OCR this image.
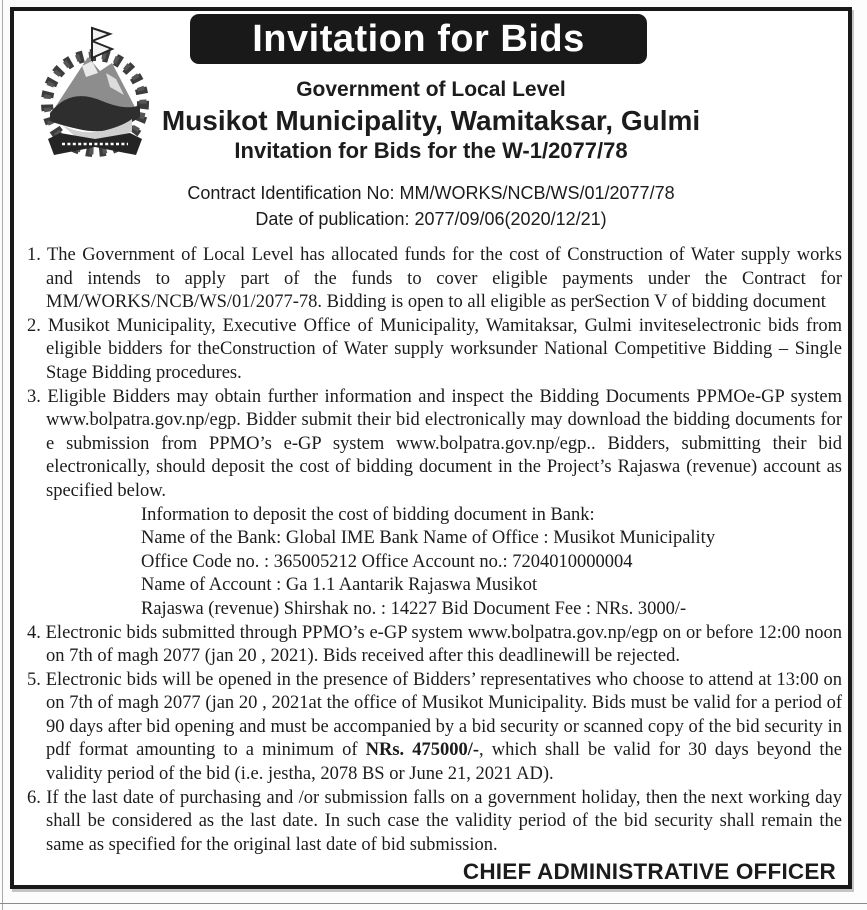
Invitation for Bids
Government of Local Level
Musikot Municipality, Wamitaksar, Gulmi
Invitation for Bids for the W-1/2077/78
Contract Identification No: MM/WORKS/NCB/WS/01/2077/78
Date of publication: 2077/09/06(2020/12/21)
1. The Government of Local Level has allocated funds for the cost of Construction of Water supply works and intends to apply part of the funds to cover eligible payments under the Contract for MM/WORKS/NCB/WS/01/2077-78. Bidding is open to all eligible as perSection V of bidding document
2. Musikot Municipality, Executive Office of Municipality, Wamitaksar, Gulmi inviteselectronic bids from eligible bidders for theConstruction of Water supply worksunder National Competitive Bidding – Single Stage Bidding procedures.
3. Eligible Bidders may obtain further information and inspect the Bidding Documents PPMOe-GP system www.bolpatra.gov.np/egp. Bidder submit their bid electronically may download the bidding documents for e submission from PPMO’s e-GP system www.bolpatra.gov.np/egp.. Bidders, submitting their bid electronically, should deposit the cost of bidding document in the Project’s Rajaswa (revenue) account as specified below.
Information to deposit the cost of bidding document in Bank:
Name of the Bank: Global IME Bank Name of Office : Musikot Municipality
Office Code no. : 365005212 Office Account no.: 7204010000004
Name of Account : Ga 1.1 Aantarik Rajaswa Musikot
Rajaswa (revenue) Shirshak no. : 14227 Bid Document Fee : NRs. 3000/-
4. Electronic bids submitted through PPMO’s e-GP system www.bolpatra.gov.np/egp on or before 12:00 noon on 7th of magh 2077 (jan 20 , 2021). Bids received after this deadlinewill be rejected.
5. Electronic bids will be opened in the presence of Bidders’ representatives who choose to attend at 13:00 on on 7th of magh 2077 (jan 20 , 2021at the office of Musikot Municipality. Bids must be valid for a period of 90 days after bid opening and must be accompanied by a bid security or scanned copy of the bid security in pdf format amounting to a minimum of NRs. 475000/-, which shall be valid for 30 days beyond the validity period of the bid (i.e. jestha, 2078 BS or June 21, 2021 AD).
6. If the last date of purchasing and /or submission falls on a government holiday, then the next working day shall be considered as the last date. In such case the validity period of the bid security shall remain the same as specified for the original last date of bid submission.
CHIEF ADMINISTRATIVE OFFICER
